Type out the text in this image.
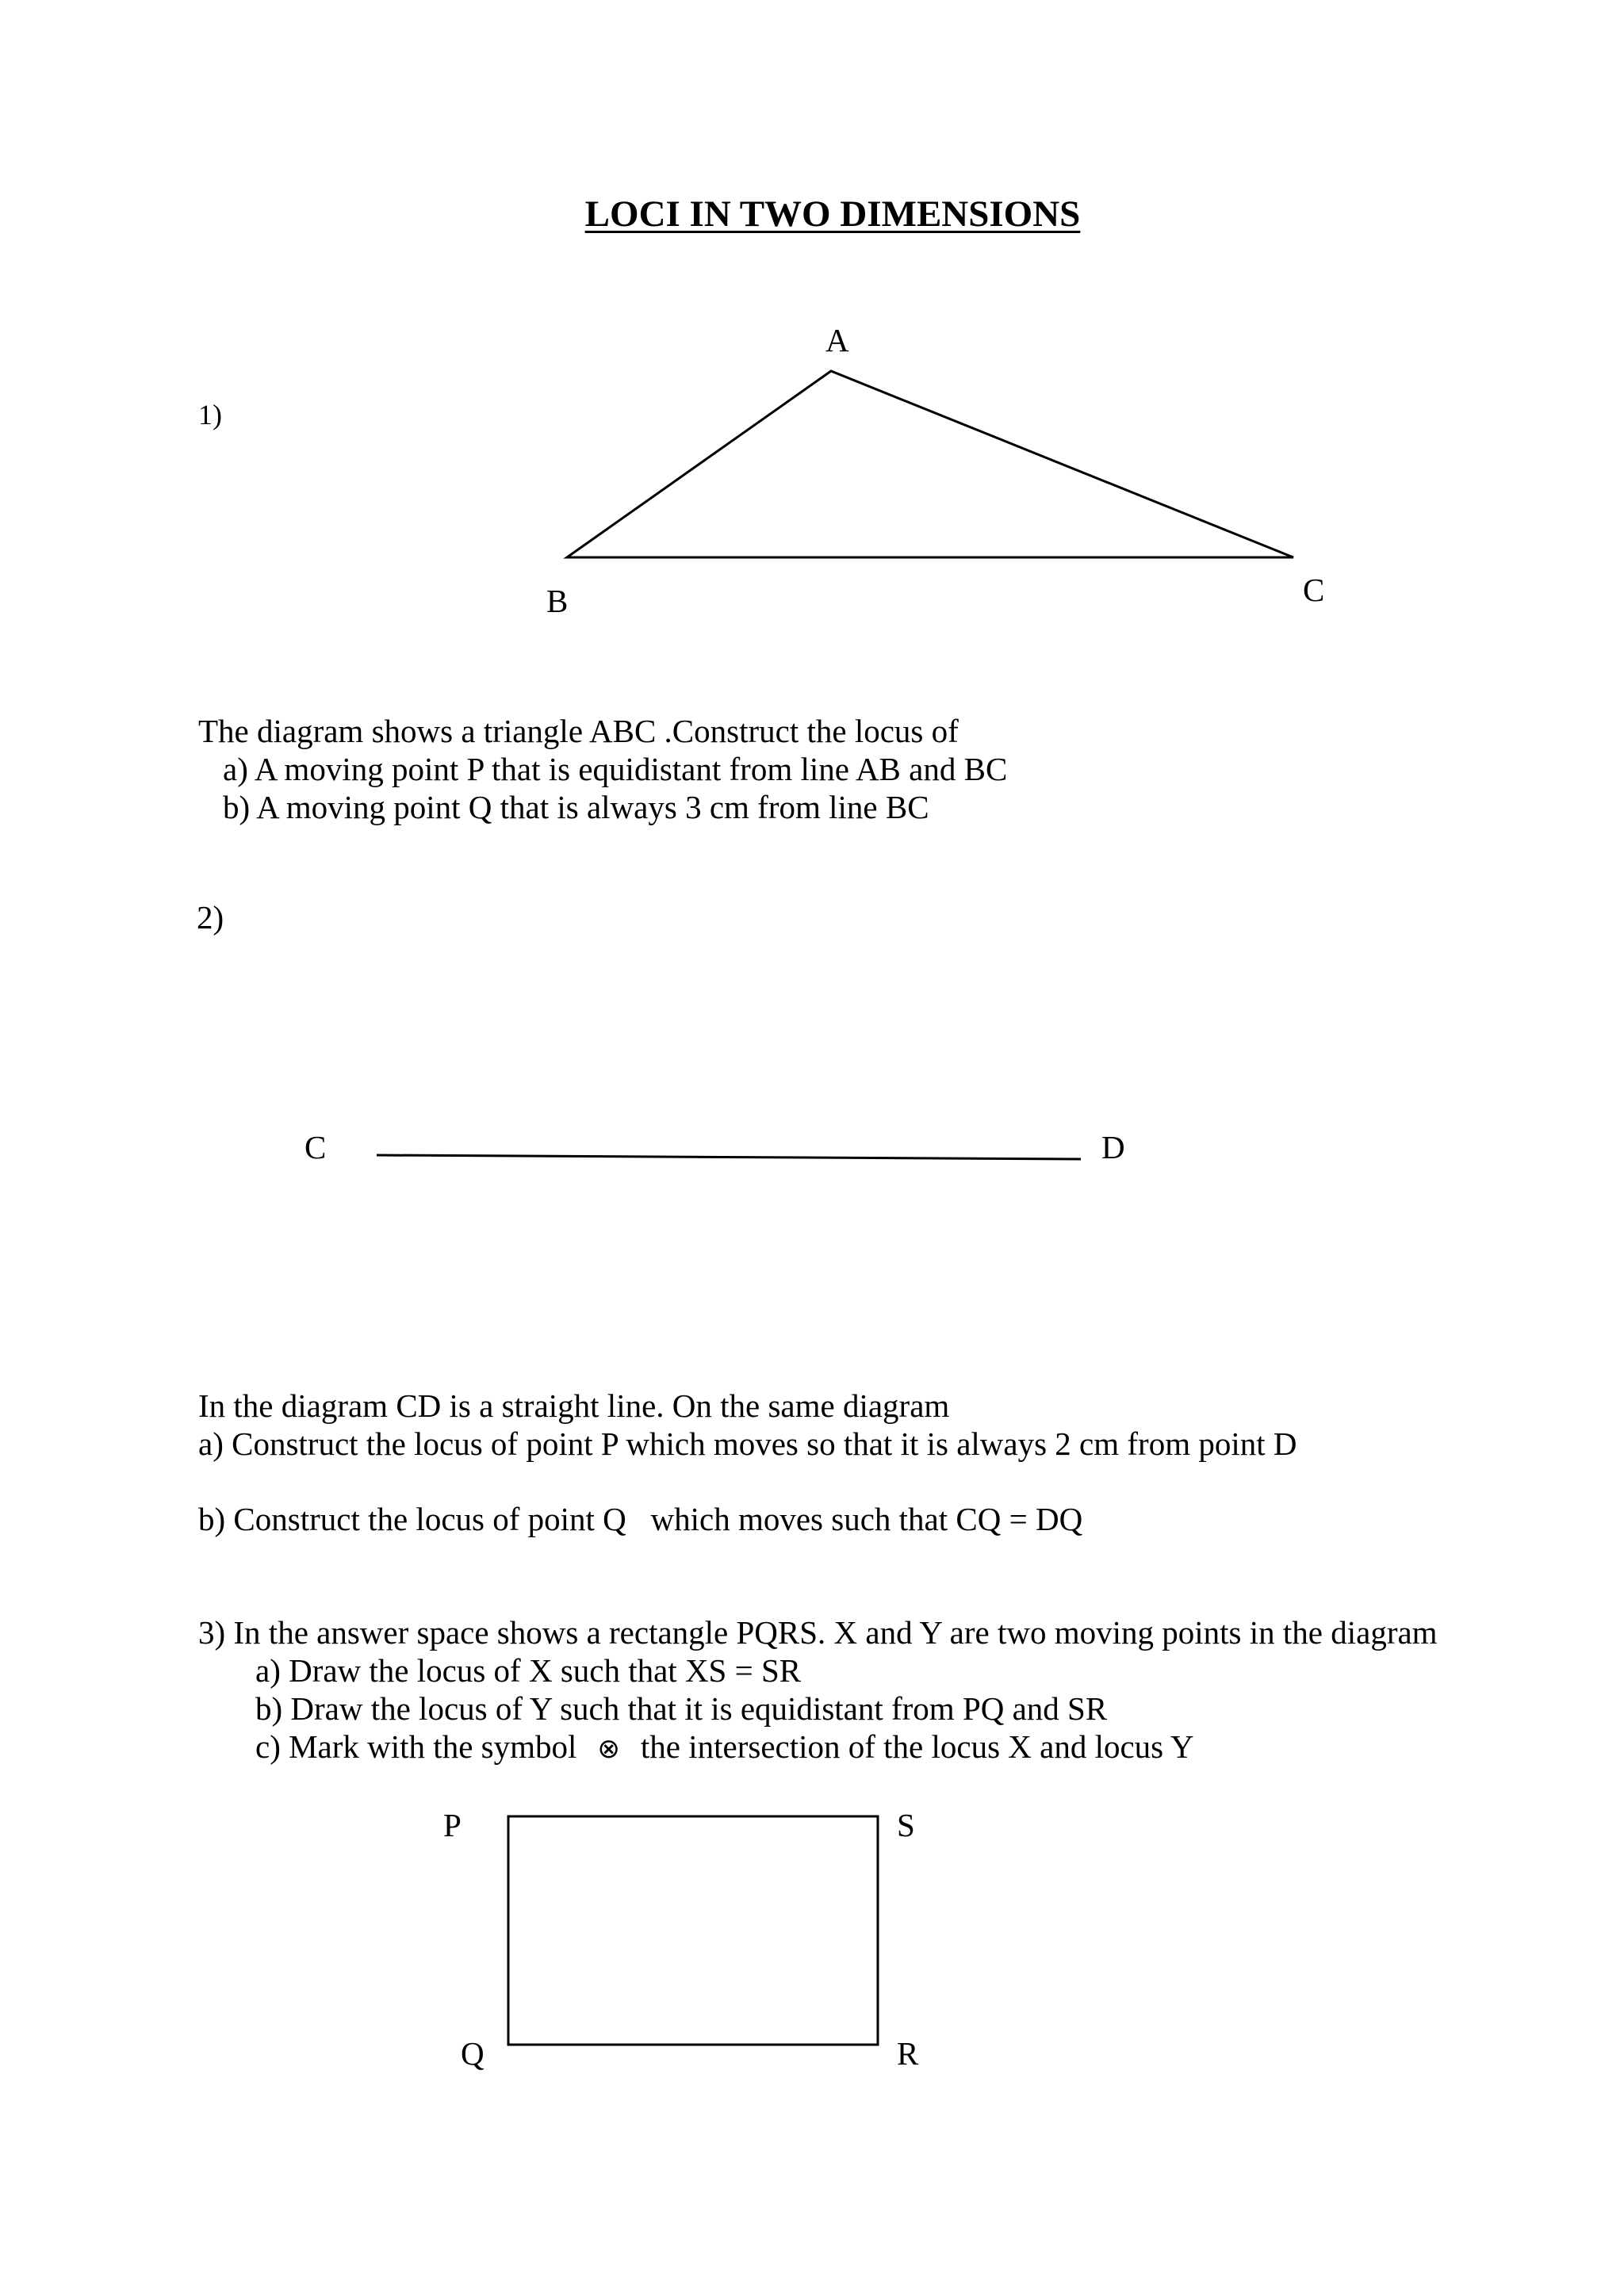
LOCI IN TWO DIMENSIONS
1)
A
B	C
The diagram shows a triangle ABC .Construct the locus of
a) A moving point P that is equidistant from line AB and BC
b) A moving point Q that is always 3 cm from line BC
2)
C	D
In the diagram CD is a straight line. On the same diagram
a) Construct the locus of point P which moves so that it is always 2 cm from point D
b) Construct the locus of point Q   which moves such that CQ = DQ
3) In the answer space shows a rectangle PQRS. X and Y are two moving points in the diagram
a) Draw the locus of X such that XS = SR
b) Draw the locus of Y such that it is equidistant from PQ and SR
c) Mark with the symbol ⊗ the intersection of the locus X and locus Y
P	S
Q	R
